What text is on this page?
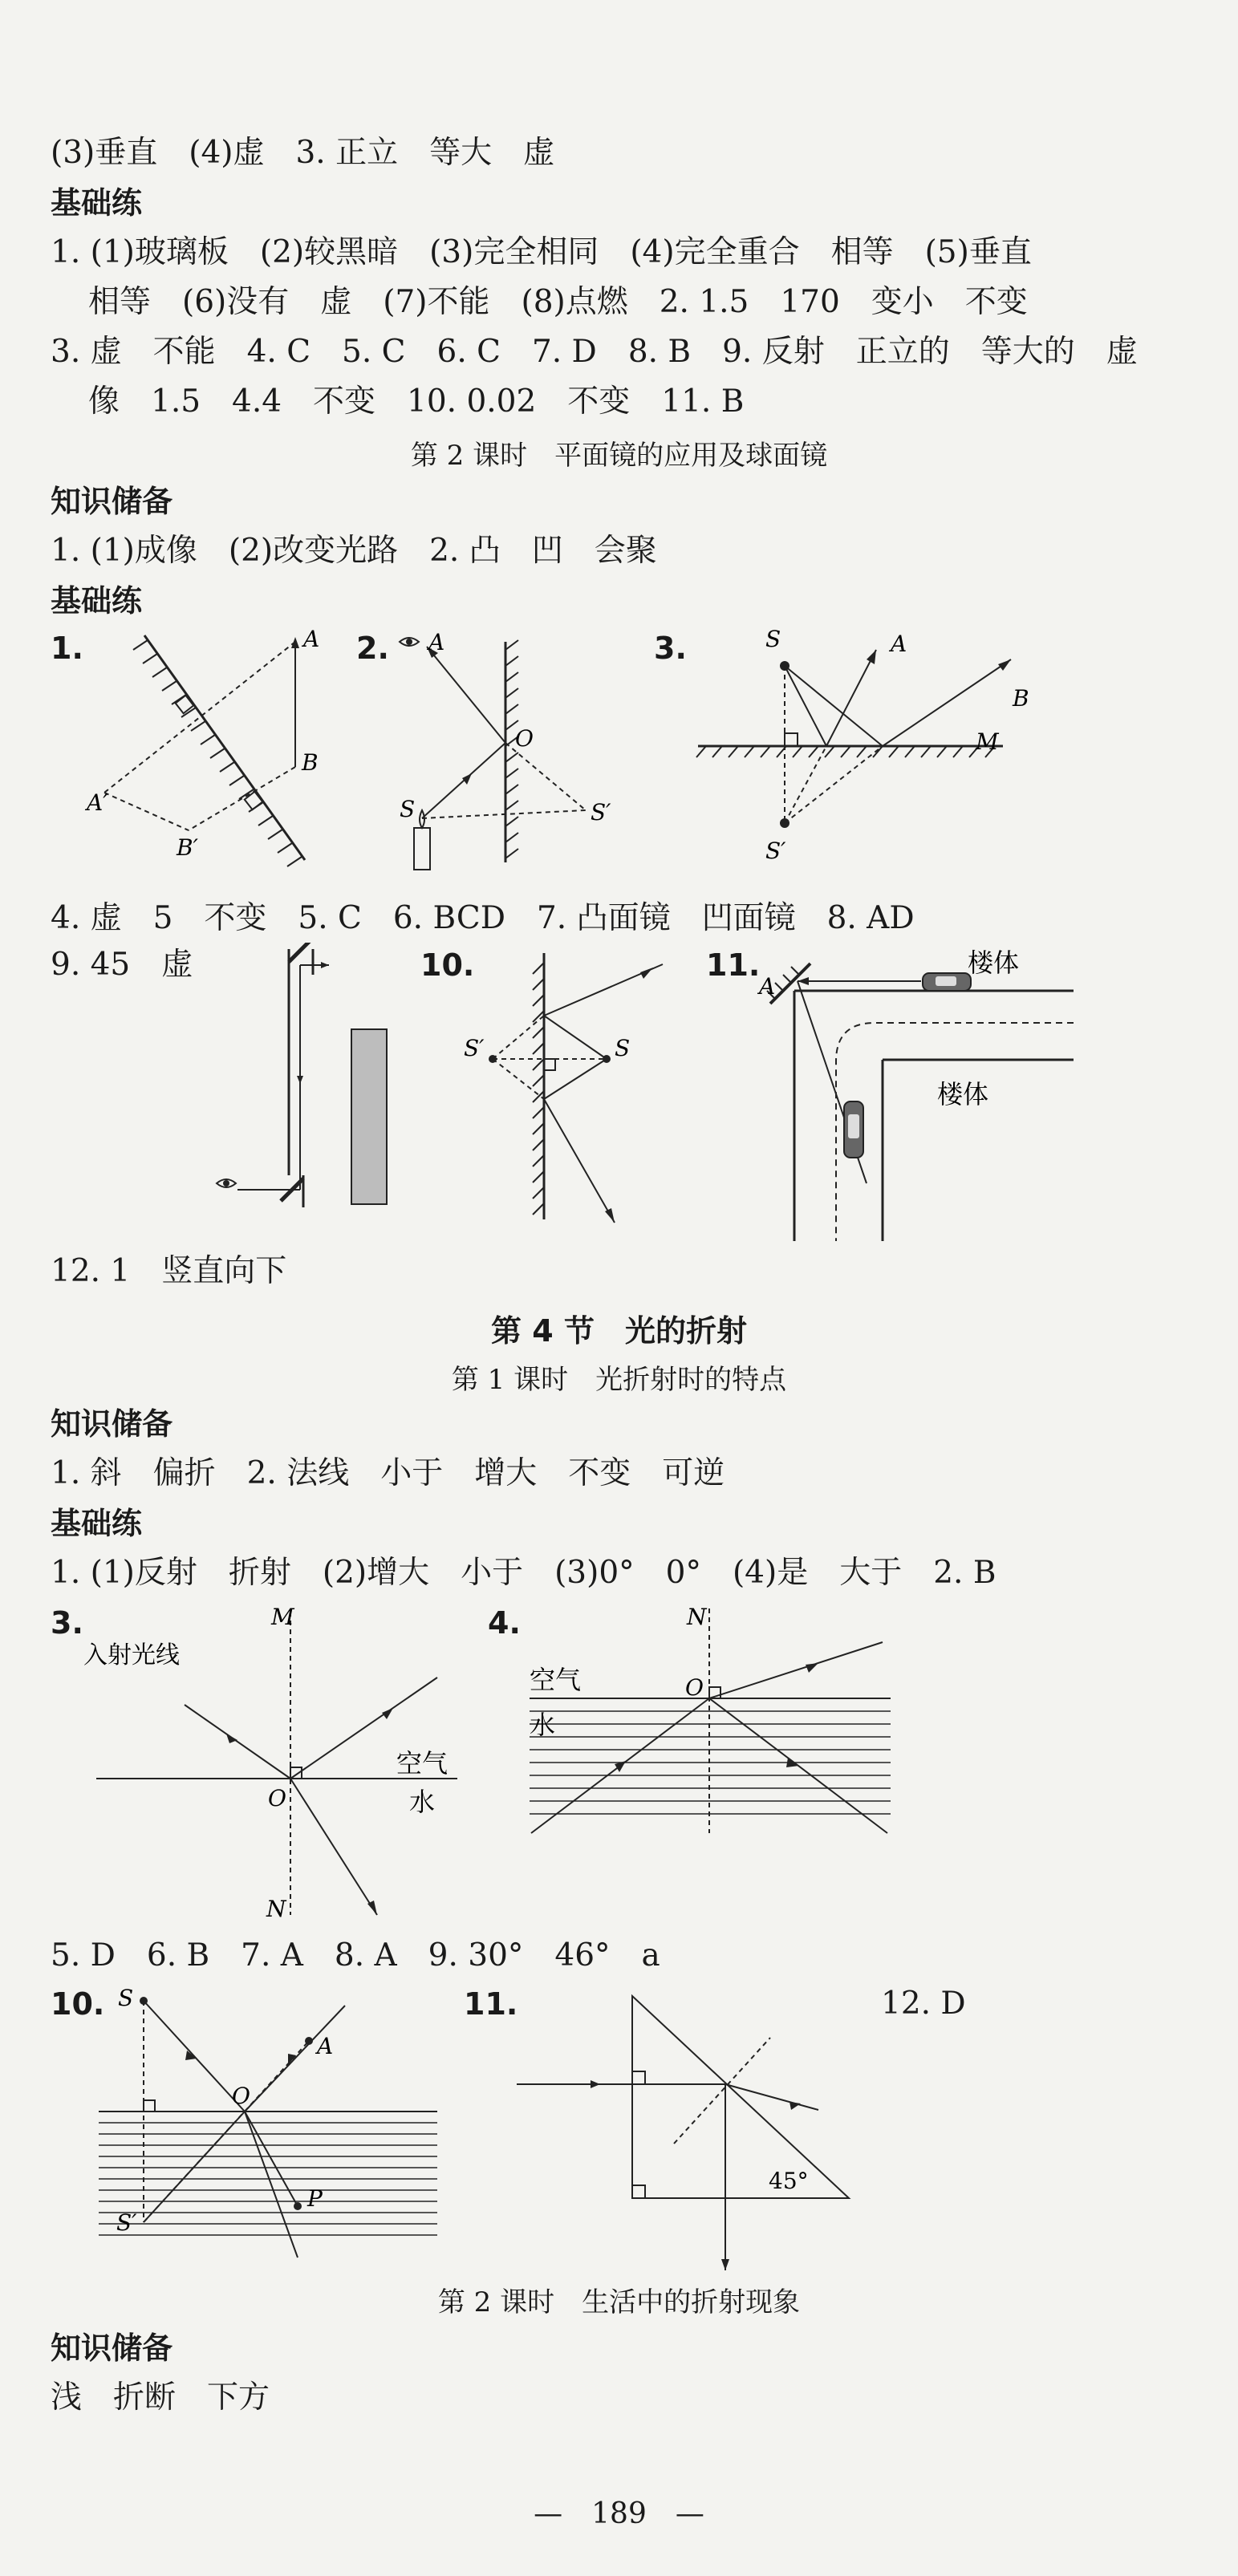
(3)垂直　(4)虚　3. 正立　等大　虚
基础练
1. (1)玻璃板　(2)较黑暗　(3)完全相同　(4)完全重合　相等　(5)垂直
相等　(6)没有　虚　(7)不能　(8)点燃　2. 1.5　170　变小　不变
3. 虚　不能　4. C　5. C　6. C　7. D　8. B　9. 反射　正立的　等大的　虚
像　1.5　4.4　不变　10. 0.02　不变　11. B
第 2 课时　平面镜的应用及球面镜
知识储备
1. (1)成像　(2)改变光路　2. 凸　凹　会聚
基础练
1.	2.	3.
A
B
A′
B′
A
O
S	S′
S	A
B
M
S′
4. 虚　5　不变　5. C　6. BCD　7. 凸面镜　凹面镜　8. AD
9. 45　虚	10.	11.
S′	S
A
楼体
楼体
12. 1　竖直向下
第 4 节　光的折射
第 1 课时　光折射时的特点
知识储备
1. 斜　偏折　2. 法线　小于　增大　不变　可逆
基础练
1. (1)反射　折射　(2)增大　小于　(3)0°　0°　(4)是　大于　2. B
3.	4.
入射光线
M
O
N
空气
水
N
O
空气
水
5. D　6. B　7. A　8. A　9. 30°　46°　a
10.	11.	12. D
S
A
O
P
S′
45°
第 2 课时　生活中的折射现象
知识储备
浅　折断　下方
—　189　—
